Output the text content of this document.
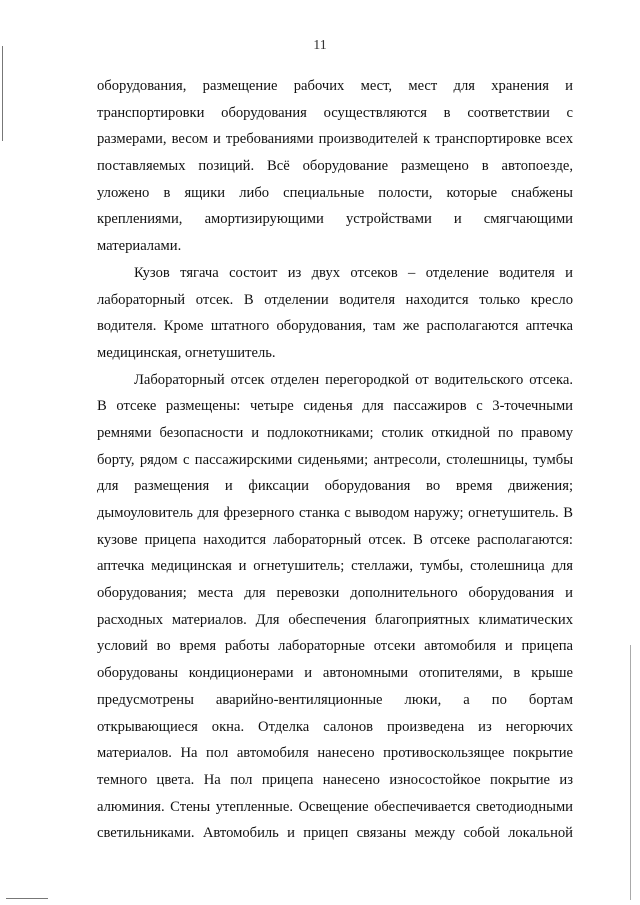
11
оборудования, размещение рабочих мест, мест для хранения и
транспортировки оборудования осуществляются в соответствии с
размерами, весом и требованиями производителей к транспортировке всех
поставляемых позиций. Всё оборудование размещено в автопоезде,
уложено в ящики либо специальные полости, которые снабжены
креплениями, амортизирующими устройствами и смягчающими
материалами.
Кузов тягача состоит из двух отсеков – отделение водителя и
лабораторный отсек. В отделении водителя находится только кресло
водителя. Кроме штатного оборудования, там же располагаются аптечка
медицинская, огнетушитель.
Лабораторный отсек отделен перегородкой от водительского отсека.
В отсеке размещены: четыре сиденья для пассажиров с 3-точечными
ремнями безопасности и подлокотниками; столик откидной по правому
борту, рядом с пассажирскими сиденьями; антресоли, столешницы, тумбы
для размещения и фиксации оборудования во время движения;
дымоуловитель для фрезерного станка с выводом наружу; огнетушитель. В
кузове прицепа находится лабораторный отсек. В отсеке располагаются:
аптечка медицинская и огнетушитель; стеллажи, тумбы, столешница для
оборудования; места для перевозки дополнительного оборудования и
расходных материалов. Для обеспечения благоприятных климатических
условий во время работы лабораторные отсеки автомобиля и прицепа
оборудованы кондиционерами и автономными отопителями, в крыше
предусмотрены аварийно-вентиляционные люки, а по бортам
открывающиеся окна. Отделка салонов произведена из негорючих
материалов. На пол автомобиля нанесено противоскользящее покрытие
темного цвета. На пол прицепа нанесено износостойкое покрытие из
алюминия. Стены утепленные. Освещение обеспечивается светодиодными
светильниками. Автомобиль и прицеп связаны между собой локальной
